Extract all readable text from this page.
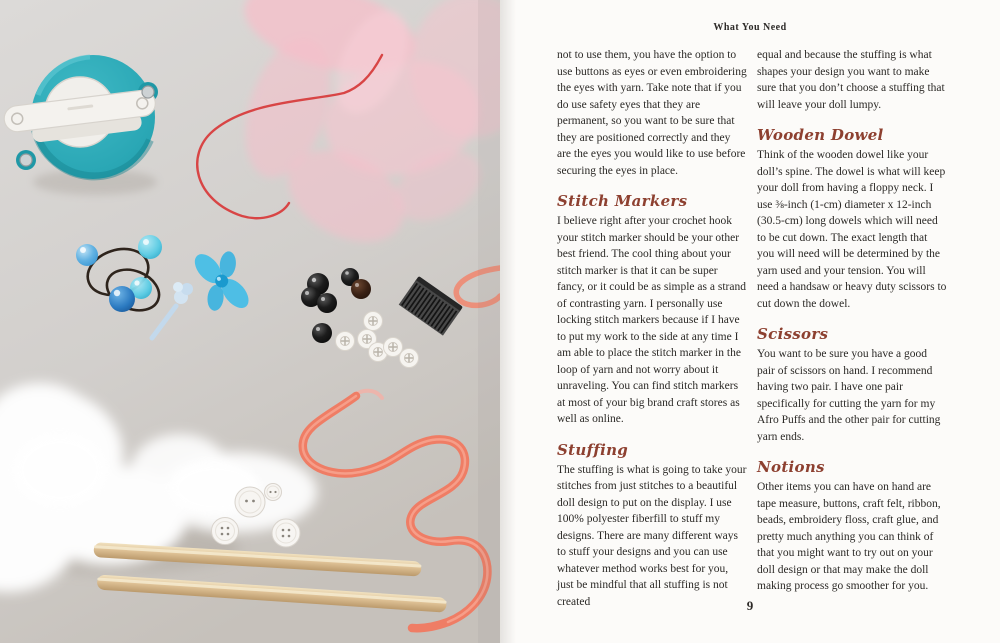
What You Need

not to use them, you have the option to use buttons as eyes or even embroidering the eyes with yarn. Take note that if you do use safety eyes that they are permanent, so you want to be sure that they are positioned correctly and they are the eyes you would like to use before securing the eyes in place.

Stitch Markers

I believe right after your crochet hook your stitch marker should be your other best friend. The cool thing about your stitch marker is that it can be super fancy, or it could be as simple as a strand of contrasting yarn. I personally use locking stitch markers because if I have to put my work to the side at any time I am able to place the stitch marker in the loop of yarn and not worry about it unraveling. You can find stitch markers at most of your big brand craft stores as well as online.

Stuffing

The stuffing is what is going to take your stitches from just stitches to a beautiful doll design to put on the display. I use 100% polyester fiberfill to stuff my designs. There are many different ways to stuff your designs and you can use whatever method works best for you, just be mindful that all stuffing is not created

equal and because the stuffing is what shapes your design you want to make sure that you don’t choose a stuffing that will leave your doll lumpy.

Wooden Dowel

Think of the wooden dowel like your doll’s spine. The dowel is what will keep your doll from having a floppy neck. I use ⅜-inch (1-cm) diameter x 12-inch (30.5-cm) long dowels which will need to be cut down. The exact length that you will need will be determined by the yarn used and your tension. You will need a handsaw or heavy duty scissors to cut down the dowel.

Scissors

You want to be sure you have a good pair of scissors on hand. I recommend having two pair. I have one pair specifically for cutting the yarn for my Afro Puffs and the other pair for cutting yarn ends.

Notions

Other items you can have on hand are tape measure, buttons, craft felt, ribbon, beads, embroidery floss, craft glue, and pretty much anything you can think of that you might want to try out on your doll design or that may make the doll making process go smoother for you.

9
